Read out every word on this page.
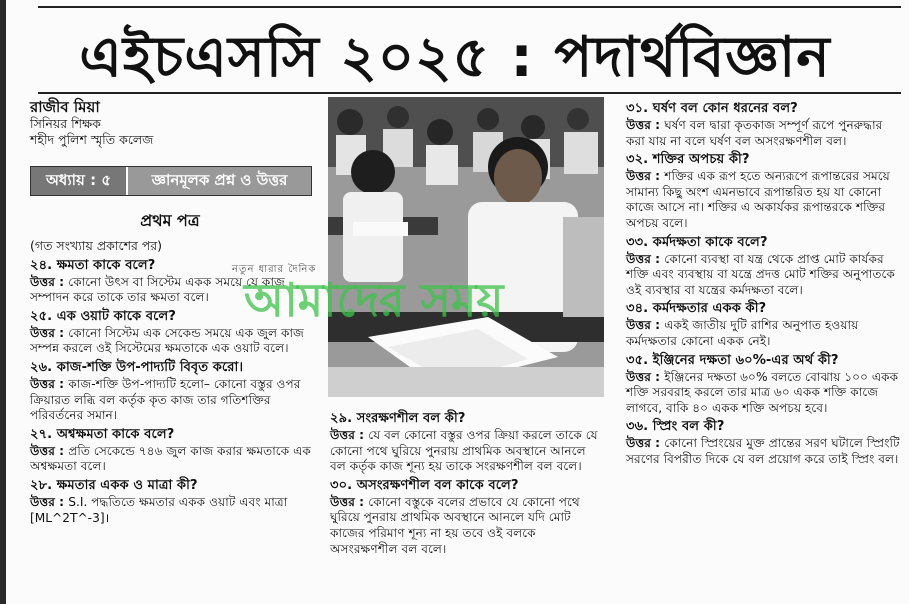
এইচএসসি ২০২৫ : পদার্থবিজ্ঞান
রাজীব মিয়া
সিনিয়র শিক্ষক
শহীদ পুলিশ স্মৃতি কলেজ
অধ্যায় : ৫	জ্ঞানমূলক প্রশ্ন ও উত্তর
প্রথম পত্র

(গত সংখ্যায় প্রকাশের পর)

২৪. ক্ষমতা কাকে বলে?

উত্তর : কোনো উৎস বা সিস্টেম একক সময়ে যে কাজ সম্পাদন করে তাকে তার ক্ষমতা বলে।

২৫. এক ওয়াট কাকে বলে?

উত্তর : কোনো সিস্টেম এক সেকেন্ড সময়ে এক জুল কাজ সম্পন্ন করলে ওই সিস্টেমের ক্ষমতাকে এক ওয়াট বলে।

২৬. কাজ-শক্তি উপ-পাদ্যটি বিবৃত করো।

উত্তর : কাজ-শক্তি উপ-পাদ্যটি হলো– কোনো বস্তুর ওপর ক্রিয়ারত লব্ধি বল কর্তৃক কৃত কাজ তার গতিশক্তির পরিবর্তনের সমান।

২৭. অশ্বক্ষমতা কাকে বলে?

উত্তর : প্রতি সেকেন্ডে ৭৪৬ জুল কাজ করার ক্ষমতাকে এক অশ্বক্ষমতা বলে।

২৮. ক্ষমতার একক ও মাত্রা কী?

উত্তর : S.I. পদ্ধতিতে ক্ষমতার একক ওয়াট এবং মাত্রা [ML^2T^-3]।

২৯. সংরক্ষণশীল বল কী?

উত্তর : যে বল কোনো বস্তুর ওপর ক্রিয়া করলে তাকে যে কোনো পথে ঘুরিয়ে পুনরায় প্রাথমিক অবস্থানে আনলে বল কর্তৃক কাজ শূন্য হয় তাকে সংরক্ষণশীল বল বলে।

৩০. অসংরক্ষণশীল বল কাকে বলে?

উত্তর : কোনো বস্তুকে বলের প্রভাবে যে কোনো পথে ঘুরিয়ে পুনরায় প্রাথমিক অবস্থানে আনলে যদি মোট কাজের পরিমাণ শূন্য না হয় তবে ওই বলকে অসংরক্ষণশীল বল বলে।

৩১. ঘর্ষণ বল কোন ধরনের বল?

উত্তর : ঘর্ষণ বল দ্বারা কৃতকাজ সম্পূর্ণ রূপে পুনরুদ্ধার করা যায় না বলে ঘর্ষণ বল অসংরক্ষণশীল বল।

৩২. শক্তির অপচয় কী?

উত্তর : শক্তির এক রূপ হতে অন্যরূপে রূপান্তরের সময়ে সামান্য কিছু অংশ এমনভাবে রূপান্তরিত হয় যা কোনো কাজে আসে না। শক্তির এ অকার্যকর রূপান্তরকে শক্তির অপচয় বলে।

৩৩. কর্মদক্ষতা কাকে বলে?

উত্তর : কোনো ব্যবস্থা বা যন্ত্র থেকে প্রাপ্ত মোট কার্যকর শক্তি এবং ব্যবস্থায় বা যন্ত্রে প্রদত্ত মোট শক্তির অনুপাতকে ওই ব্যবস্থার বা যন্ত্রের কর্মদক্ষতা বলে।

৩৪. কর্মদক্ষতার একক কী?

উত্তর : একই জাতীয় দুটি রাশির অনুপাত হওয়ায় কর্মদক্ষতার কোনো একক নেই।

৩৫. ইঞ্জিনের দক্ষতা ৬০%-এর অর্থ কী?

উত্তর : ইঞ্জিনের দক্ষতা ৬০% বলতে বোঝায় ১০০ একক শক্তি সরবরাহ করলে তার মাত্র ৬০ একক শক্তি কাজে লাগবে, বাকি ৪০ একক শক্তি অপচয় হবে।

৩৬. স্প্রিং বল কী?

উত্তর : কোনো স্প্রিংয়ের মুক্ত প্রান্তের সরণ ঘটালে স্প্রিংটি সরণের বিপরীত দিকে যে বল প্রয়োগ করে তাই স্প্রিং বল।

নতুন ধারার দৈনিক
আমাদের সময়
